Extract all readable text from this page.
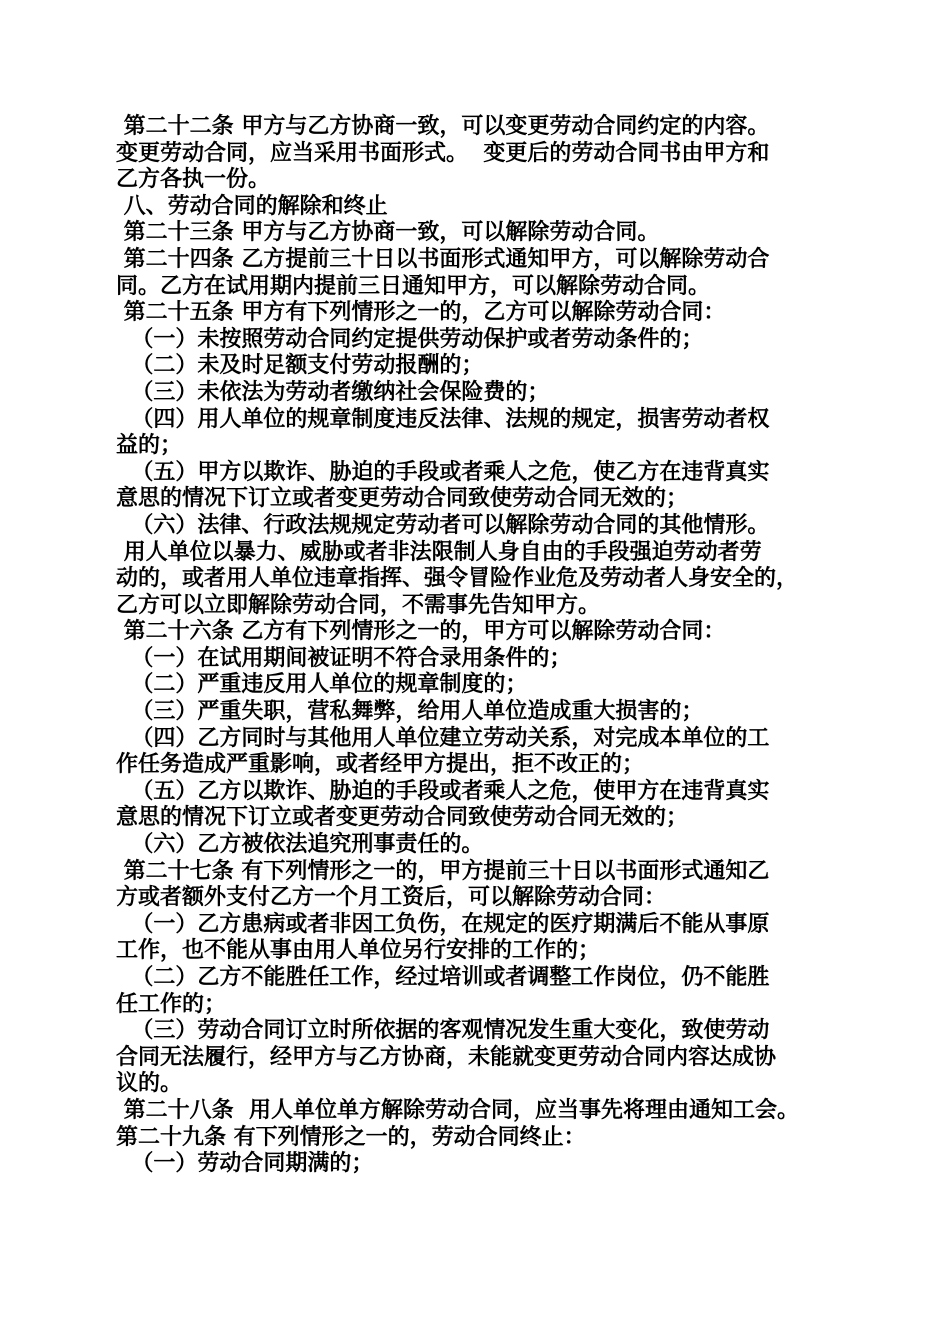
第二十二条 甲方与乙方协商一致，可以变更劳动合同约定的内容。
变更劳动合同，应当采用书面形式。  变更后的劳动合同书由甲方和
乙方各执一份。
八、劳动合同的解除和终止
第二十三条 甲方与乙方协商一致，可以解除劳动合同。
第二十四条 乙方提前三十日以书面形式通知甲方，可以解除劳动合
同。乙方在试用期内提前三日通知甲方，可以解除劳动合同。
第二十五条 甲方有下列情形之一的，乙方可以解除劳动合同：
（一）未按照劳动合同约定提供劳动保护或者劳动条件的；
（二）未及时足额支付劳动报酬的；
（三）未依法为劳动者缴纳社会保险费的；
（四）用人单位的规章制度违反法律、法规的规定，损害劳动者权
益的；
（五）甲方以欺诈、胁迫的手段或者乘人之危，使乙方在违背真实
意思的情况下订立或者变更劳动合同致使劳动合同无效的；
（六）法律、行政法规规定劳动者可以解除劳动合同的其他情形。
用人单位以暴力、威胁或者非法限制人身自由的手段强迫劳动者劳
动的，或者用人单位违章指挥、强令冒险作业危及劳动者人身安全的，
乙方可以立即解除劳动合同，不需事先告知甲方。
第二十六条 乙方有下列情形之一的，甲方可以解除劳动合同：
（一）在试用期间被证明不符合录用条件的；
（二）严重违反用人单位的规章制度的；
（三）严重失职，营私舞弊，给用人单位造成重大损害的；
（四）乙方同时与其他用人单位建立劳动关系，对完成本单位的工
作任务造成严重影响，或者经甲方提出，拒不改正的；
（五）乙方以欺诈、胁迫的手段或者乘人之危，使甲方在违背真实
意思的情况下订立或者变更劳动合同致使劳动合同无效的；
（六）乙方被依法追究刑事责任的。
第二十七条 有下列情形之一的，甲方提前三十日以书面形式通知乙
方或者额外支付乙方一个月工资后，可以解除劳动合同：
（一）乙方患病或者非因工负伤，在规定的医疗期满后不能从事原
工作，也不能从事由用人单位另行安排的工作的；
（二）乙方不能胜任工作，经过培训或者调整工作岗位，仍不能胜
任工作的；
（三）劳动合同订立时所依据的客观情况发生重大变化，致使劳动
合同无法履行，经甲方与乙方协商，未能就变更劳动合同内容达成协
议的。
第二十八条  用人单位单方解除劳动合同，应当事先将理由通知工会。
第二十九条 有下列情形之一的，劳动合同终止：
（一）劳动合同期满的；
